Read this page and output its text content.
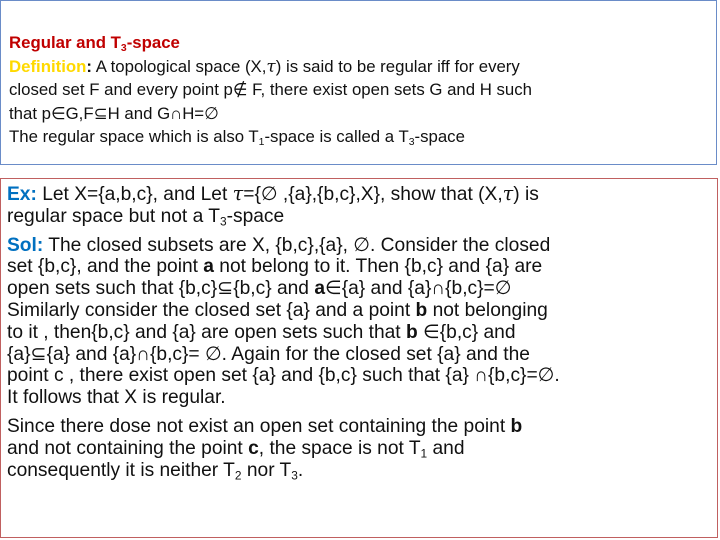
Regular and $T_3$-space
Definition: A topological space (X,τ) is said to be regular iff for every
closed set F and every point p∉ F, there exist open sets G and H such
that p∈G,F⊆H and G∩H=∅
The regular space which is also $T_1$-space is called a $T_3$-space
Ex: Let X={a,b,c}, and Let τ={∅ ,{a},{b,c},X}, show that (X,τ) is
regular space but not a $T_3$-space
Sol: The closed subsets are X, {b,c},{a}, ∅. Consider the closed
set {b,c}, and the point a not belong to it. Then {b,c} and {a} are
open sets such that {b,c}⊆{b,c} and a∈{a} and {a}∩{b,c}=∅
Similarly consider the closed set {a} and a point b not belonging
to it , then{b,c} and {a} are open sets such that b ∈{b,c} and
{a}⊆{a} and {a}∩{b,c}= ∅. Again for the closed set {a} and the
point c , there exist open set {a} and {b,c} such that {a} ∩{b,c}=∅.
It follows that X is regular.
Since there dose not exist an open set containing the point b
and not containing the point c, the space is not $T_1$ and
consequently it is neither $T_2$ nor $T_3$.
